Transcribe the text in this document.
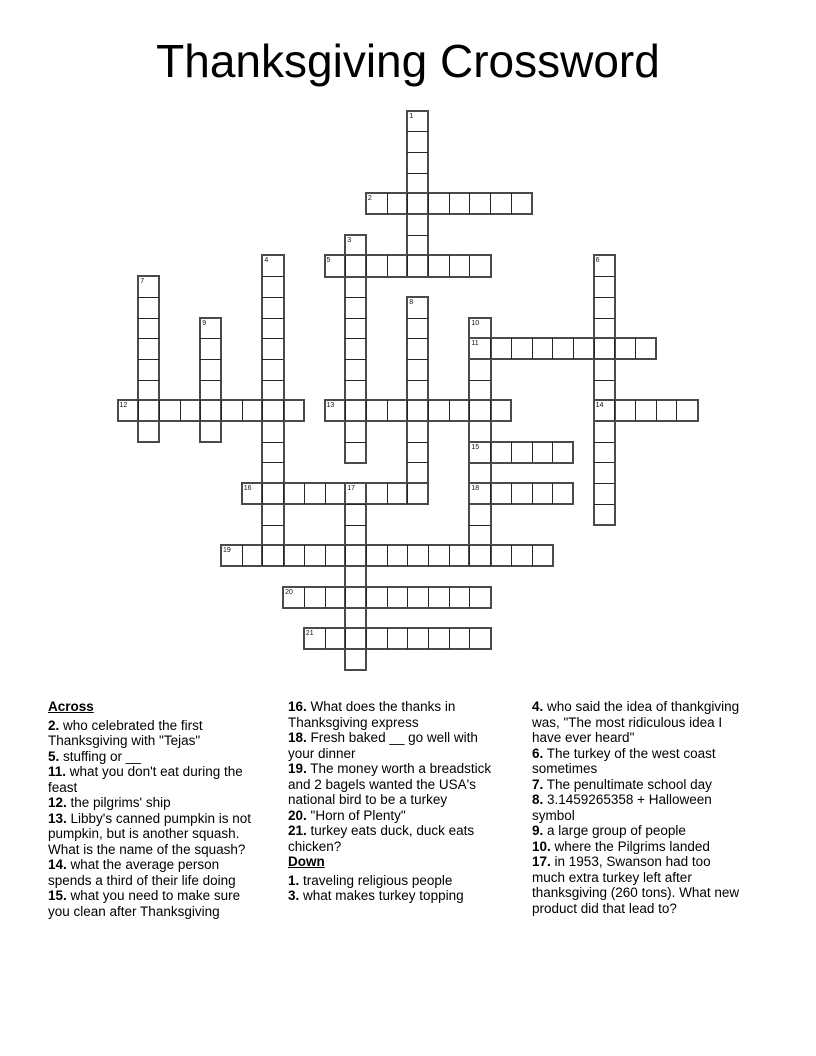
Thanksgiving Crossword
1
2
3
4	5	6
7
8
9	10
11
12	13	14
15
16	17	18
19
20
21
Across
2. who celebrated the first Thanksgiving with "Tejas"
5. stuffing or __
11. what you don't eat during the feast
12. the pilgrims' ship
13. Libby's canned pumpkin is not pumpkin, but is another squash. What is the name of the squash?
14. what the average person spends a third of their life doing
15. what you need to make sure you clean after Thanksgiving
16. What does the thanks in Thanksgiving express
18. Fresh baked __ go well with your dinner
19. The money worth a breadstick and 2 bagels wanted the USA's national bird to be a turkey
20. "Horn of Plenty"
21. turkey eats duck, duck eats chicken?
Down
1. traveling religious people
3. what makes turkey topping
4. who said the idea of thankgiving was, "The most ridiculous idea I have ever heard"
6. The turkey of the west coast sometimes
7. The penultimate school day
8. 3.1459265358 + Halloween symbol
9. a large group of people
10. where the Pilgrims landed
17. in 1953, Swanson had too much extra turkey left after thanksgiving (260 tons). What new product did that lead to?
